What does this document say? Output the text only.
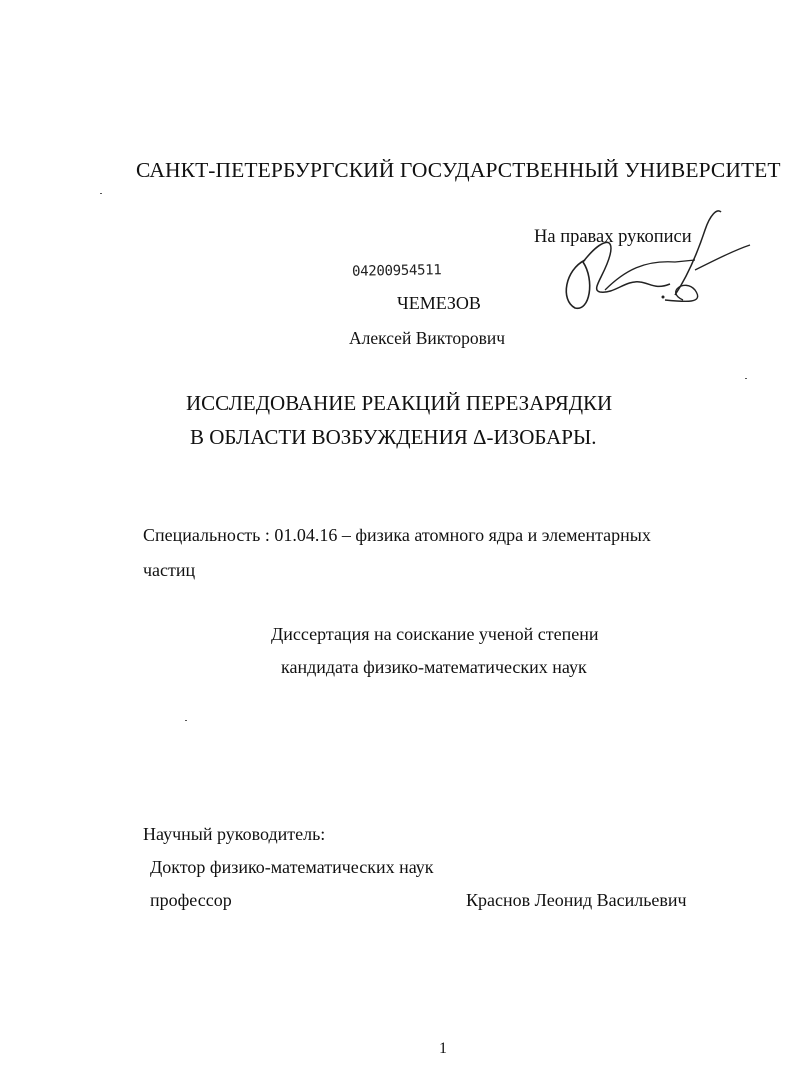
САНКТ-ПЕТЕРБУРГСКИЙ ГОСУДАРСТВЕННЫЙ УНИВЕРСИТЕТ
На правах рукописи
04200954511
ЧЕМЕЗОВ
Алексей Викторович
ИССЛЕДОВАНИЕ РЕАКЦИЙ ПЕРЕЗАРЯДКИ
В ОБЛАСТИ ВОЗБУЖДЕНИЯ Δ-ИЗОБАРЫ.
Специальность : 01.04.16 – физика атомного ядра и элементарных
частиц
Диссертация на соискание ученой степени
кандидата физико-математических наук
Научный руководитель:
Доктор физико-математических наук
профессор	Краснов Леонид Васильевич
1
